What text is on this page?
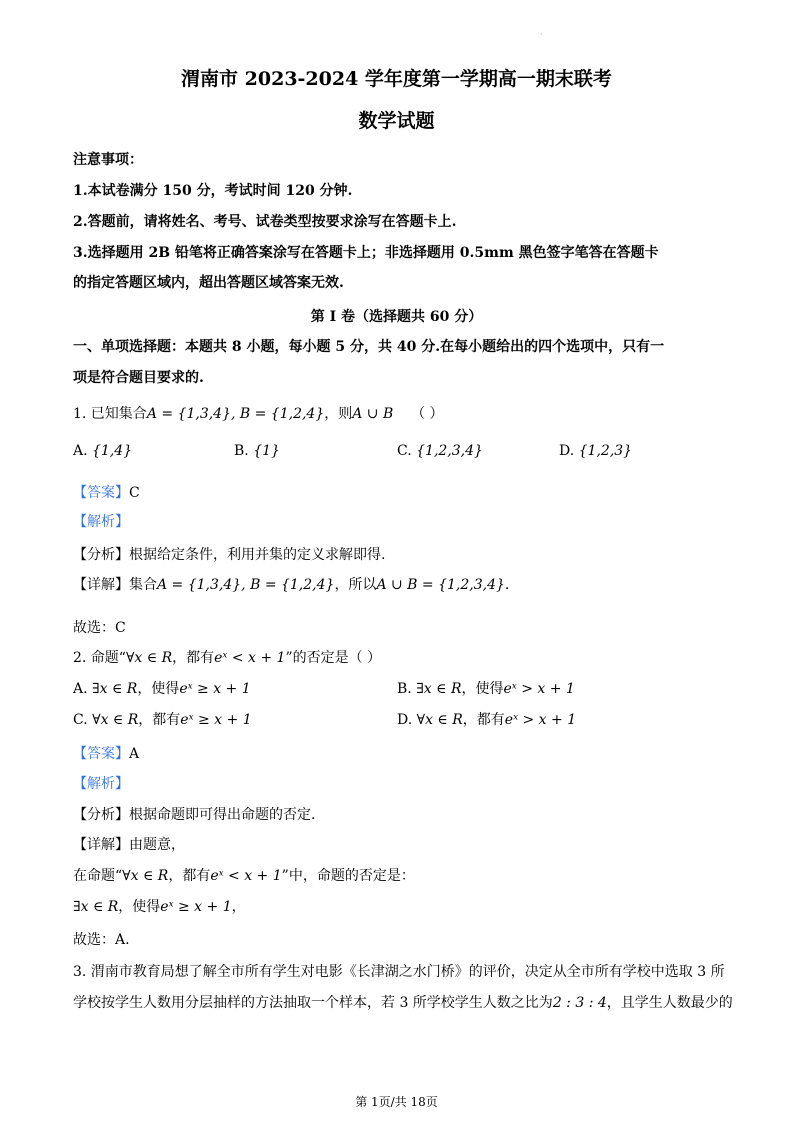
·
渭南市 2023-2024 学年度第一学期高一期末联考
数学试题
注意事项：
1.本试卷满分 150 分，考试时间 120 分钟.
2.答题前，请将姓名、考号、试卷类型按要求涂写在答题卡上.
3.选择题用 2B 铅笔将正确答案涂写在答题卡上；非选择题用 0.5mm 黑色签字笔答在答题卡
的指定答题区域内，超出答题区域答案无效.
第 I 卷（选择题共 60 分）
一、单项选择题：本题共 8 小题，每小题 5 分，共 40 分.在每小题给出的四个选项中，只有一
项是符合题目要求的.
1. 已知集合A = {1,3,4}, B = {1,2,4}，则A ∪ B （ ）
A. {1,4}	B. {1}	C. {1,2,3,4}	D. {1,2,3}
【答案】C
【解析】
【分析】根据给定条件，利用并集的定义求解即得.
【详解】集合A = {1,3,4}, B = {1,2,4}，所以A ∪ B = {1,2,3,4}.
故选：C
2. 命题“∀x ∈ R，都有eˣ < x + 1”的否定是（ ）
A. ∃x ∈ R，使得eˣ ≥ x + 1	B. ∃x ∈ R，使得eˣ > x + 1
C. ∀x ∈ R，都有eˣ ≥ x + 1	D. ∀x ∈ R，都有eˣ > x + 1
【答案】A
【解析】
【分析】根据命题即可得出命题的否定.
【详解】由题意，
在命题“∀x ∈ R，都有eˣ < x + 1”中，命题的否定是：
∃x ∈ R，使得eˣ ≥ x + 1，
故选：A.
3. 渭南市教育局想了解全市所有学生对电影《长津湖之水门桥》的评价，决定从全市所有学校中选取 3 所
学校按学生人数用分层抽样的方法抽取一个样本，若 3 所学校学生人数之比为2 : 3 : 4，且学生人数最少的
第 1页/共 18页
